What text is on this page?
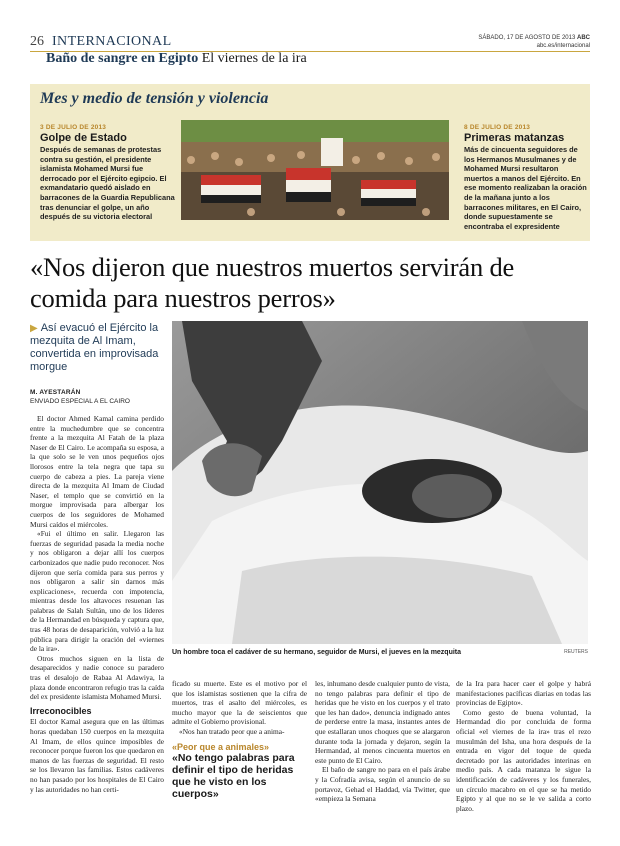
26 INTERNACIONAL	SÁBADO, 17 DE AGOSTO DE 2013 ABC
abc.es/internacional
Baño de sangre en Egipto El viernes de la ira
Mes y medio de tensión y violencia
3 DE JULIO DE 2013
Golpe de Estado
Después de semanas de protestas contra su gestión, el presidente islamista Mohamed Mursi fue derrocado por el Ejército egipcio. El exmandatario quedó aislado en barracones de la Guardia Republicana tras denunciar el golpe, un año después de su victoria electoral
8 DE JULIO DE 2013
Primeras matanzas
Más de cincuenta seguidores de los Hermanos Musulmanes y de Mohamed Mursi resultaron muertos a manos del Ejército. En ese momento realizaban la oración de la mañana junto a los barracones militares, en El Cairo, donde supuestamente se encontraba el expresidente
«Nos dijeron que nuestros muertos servirán de comida para nuestros perros»
▶ Así evacuó el Ejército la mezquita de Al Imam, convertida en improvisada morgue
M. AYESTARÁN
ENVIADO ESPECIAL A EL CAIRO

El doctor Ahmed Kamal camina perdido entre la muchedumbre que se concentra frente a la mezquita Al Fatah de la plaza Naser de El Cairo. Le acompaña su esposa, a la que solo se le ven unos pequeños ojos llorosos entre la tela negra que tapa su cuerpo de cabeza a pies. La pareja viene directa de la mezquita Al Imam de Ciudad Naser, el templo que se convirtió en la morgue improvisada para albergar los cuerpos de los seguidores de Mohamed Mursi caídos el miércoles.

«Fui el último en salir. Llegaron las fuerzas de seguridad pasada la media noche y nos obligaron a dejar allí los cuerpos carbonizados que nadie pudo reconocer. Nos dijeron que sería comida para sus perros y nos obligaron a salir sin darnos más explicaciones», recuerda con impotencia, mientras desde los altavoces resuenan las palabras de Salah Sultán, uno de los líderes de la Hermandad en búsqueda y captura que, tras 48 horas de desaparición, volvió a la luz pública para dirigir la oración del «viernes de la ira».

Otros muchos siguen en la lista de desaparecidos y nadie conoce su paradero tras el desalojo de Rabaa Al Adawiya, la plaza donde encontraron refugio tras la caída del ex presidente islamista Mohamed Mursi.

Irreconocibles

El doctor Kamal asegura que en las últimas horas quedaban 150 cuerpos en la mezquita Al Imam, de ellos quince imposibles de reconocer porque fueron los que quedaron en manos de las fuerzas de seguridad. El resto se los llevaron las familias. Estos cadáveres no han pasado por los hospitales de El Cairo y las autoridades no han certi-

Un hombre toca el cadáver de su hermano, seguidor de Mursi, el jueves en la mezquita	REUTERS

ficado su muerte. Este es el motivo por el que los islamistas sostienen que la cifra de muertos, tras el asalto del miércoles, es mucho mayor que la de seiscientos que admite el Gobierno provisional.

«Nos han tratado peor que a anima-

«Peor que a animales»
«No tengo palabras para definir el tipo de heridas que he visto en los cuerpos»

les, inhumano desde cualquier punto de vista, no tengo palabras para definir el tipo de heridas que he visto en los cuerpos y el trato que les han dado», denuncia indignado antes de perderse entre la masa, instantes antes de que estallaran unos choques que se alargaron durante toda la jornada y dejaron, según la Hermandad, al menos cincuenta muertos en este punto de El Cairo.

El baño de sangre no para en el país árabe y la Cofradía avisa, según el anuncio de su portavoz, Gehad el Haddad, vía Twitter, que «empieza la Semana

de la Ira para hacer caer el golpe y habrá manifestaciones pacíficas diarias en todas las provincias de Egipto».

Como gesto de buena voluntad, la Hermandad dio por concluida de forma oficial «el viernes de la ira» tras el rezo musulmán del Isha, una hora después de la entrada en vigor del toque de queda decretado por las autoridades interinas en medio país. A cada matanza le sigue la identificación de cadáveres y los funerales, un círculo macabro en el que se ha metido Egipto y al que no se le ve salida a corto plazo.
